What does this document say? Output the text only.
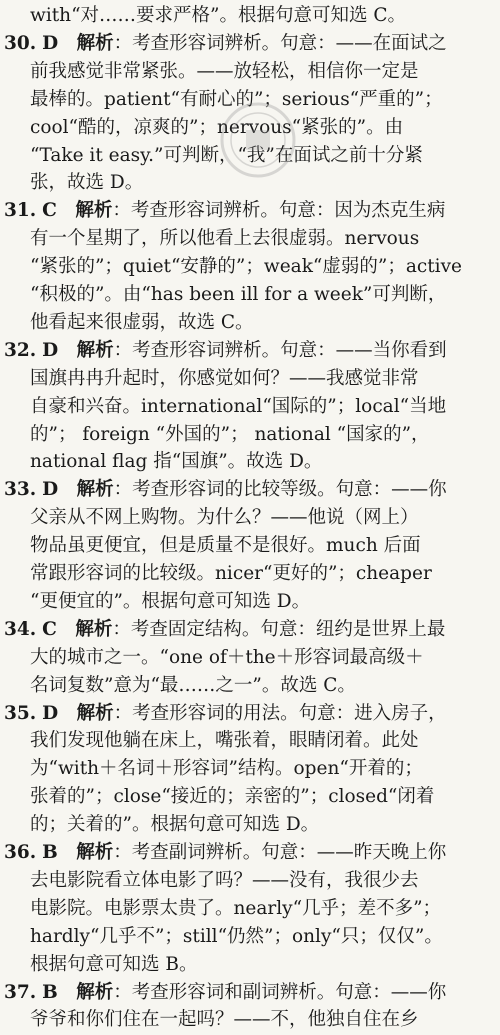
with“对……要求严格”。根据句意可知选 C。
30. D   解析：考查形容词辨析。句意：——在面试之
前我感觉非常紧张。——放轻松，相信你一定是
最棒的。patient“有耐心的”；serious“严重的”；
cool“酷的，凉爽的”；nervous“紧张的”。由
“Take it easy.”可判断，“我”在面试之前十分紧
张，故选 D。
31. C   解析：考查形容词辨析。句意：因为杰克生病
有一个星期了，所以他看上去很虚弱。nervous
“紧张的”；quiet“安静的”；weak“虚弱的”；active
“积极的”。由“has been ill for a week”可判断，
他看起来很虚弱，故选 C。
32. D   解析：考查形容词辨析。句意：——当你看到
国旗冉冉升起时，你感觉如何？——我感觉非常
自豪和兴奋。international“国际的”；local“当地
的”； foreign “外国的”； national “国家的”，
national flag 指“国旗”。故选 D。
33. D   解析：考查形容词的比较等级。句意：——你
父亲从不网上购物。为什么？——他说（网上）
物品虽更便宜，但是质量不是很好。much 后面
常跟形容词的比较级。nicer“更好的”；cheaper
“更便宜的”。根据句意可知选 D。
34. C   解析：考查固定结构。句意：纽约是世界上最
大的城市之一。“one of＋the＋形容词最高级＋
名词复数”意为“最……之一”。故选 C。
35. D   解析：考查形容词的用法。句意：进入房子，
我们发现他躺在床上，嘴张着，眼睛闭着。此处
为“with＋名词＋形容词”结构。open“开着的；
张着的”；close“接近的；亲密的”；closed“闭着
的；关着的”。根据句意可知选 D。
36. B   解析：考查副词辨析。句意：——昨天晚上你
去电影院看立体电影了吗？——没有，我很少去
电影院。电影票太贵了。nearly“几乎；差不多”；
hardly“几乎不”；still“仍然”；only“只；仅仅”。
根据句意可知选 B。
37. B   解析：考查形容词和副词辨析。句意：——你
爷爷和你们住在一起吗？——不，他独自住在乡
